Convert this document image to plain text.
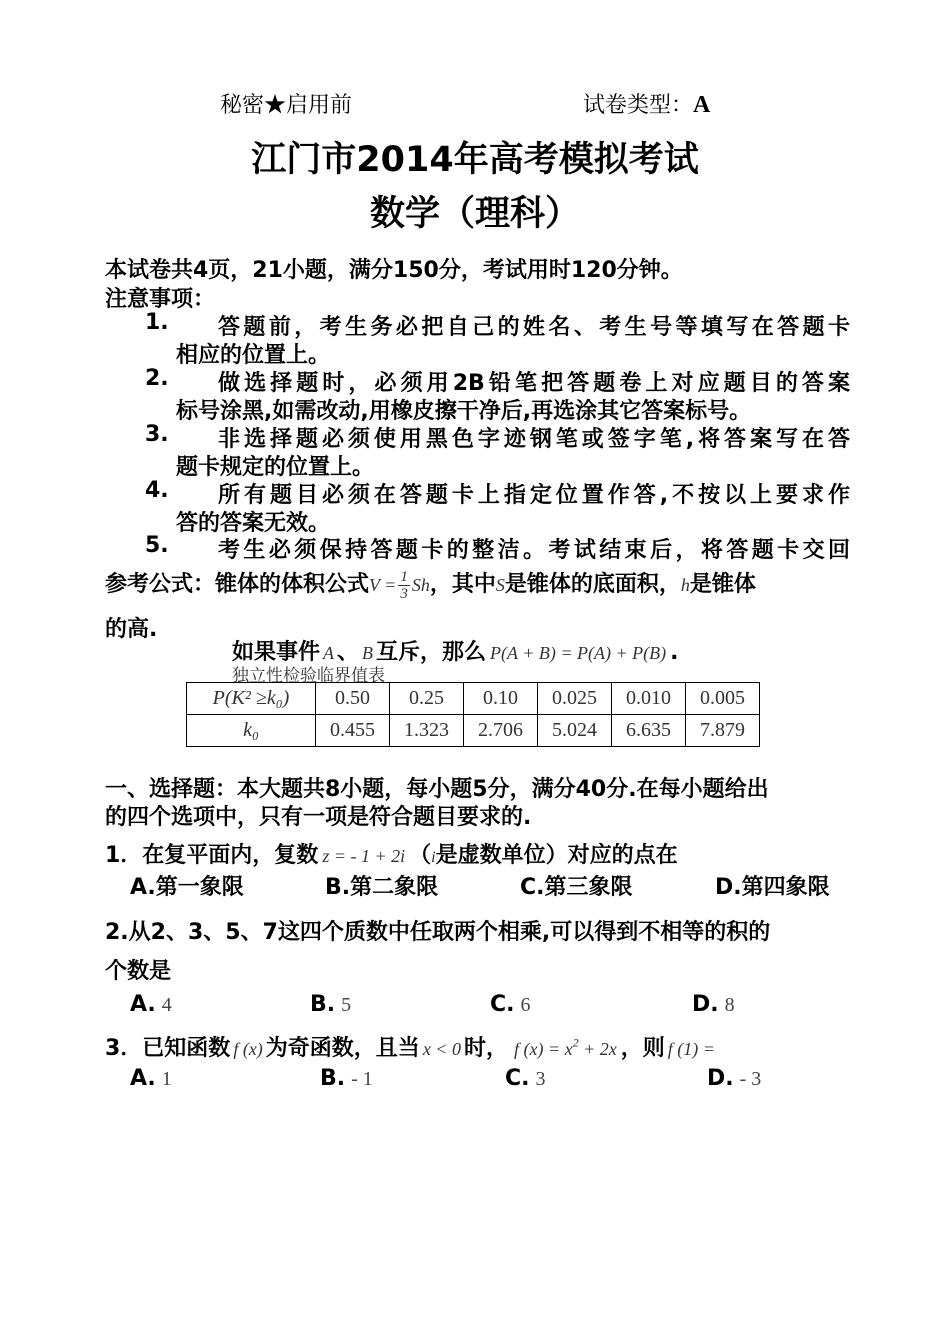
秘密★启用前	试卷类型：A
江门市2014年高考模拟考试
数学（理科）
本试卷共4页，21小题，满分150分，考试用时120分钟。
注意事项：
1. 答题前，考生务必把自己的姓名、考生号等填写在答题卡
相应的位置上。
2. 做选择题时，必须用2B铅笔把答题卷上对应题目的答案
标号涂黑,如需改动,用橡皮擦干净后,再选涂其它答案标号。
3. 非选择题必须使用黑色字迹钢笔或签字笔,将答案写在答
题卡规定的位置上。
4. 所有题目必须在答题卡上指定位置作答,不按以上要求作
答的答案无效。
5. 考生必须保持答题卡的整洁。考试结束后，将答题卡交回
参考公式：锥体的体积公式$V = \frac{1}{3}$ Sh，其中S是锥体的底面积，h是锥体
的高.
如果事件 A 、 B 互斥，那么 P(A + B) = P(A) + P(B) .
独立性检验临界值表
P(K² ≥k₀)	0.50	0.25	0.10	0.025	0.010	0.005
k₀	0.455	1.323	2.706	5.024	6.635	7.879
一、选择题：本大题共8小题，每小题5分，满分40分.在每小题给出
的四个选项中，只有一项是符合题目要求的.
1．在复平面内，复数 z = - 1 + 2i （i是虚数单位）对应的点在
A.第一象限	B.第二象限	C.第三象限	D.第四象限
2.从2、3、5、7这四个质数中任取两个相乘,可以得到不相等的积的
个数是
A. 4	B. 5	C. 6	D. 8
3．已知函数 f (x) 为奇函数，且当 x < 0 时， f $(x) = x^2 + 2x$ ，则 f (1) =
A. 1	B. - 1	C. 3	D. - 3
